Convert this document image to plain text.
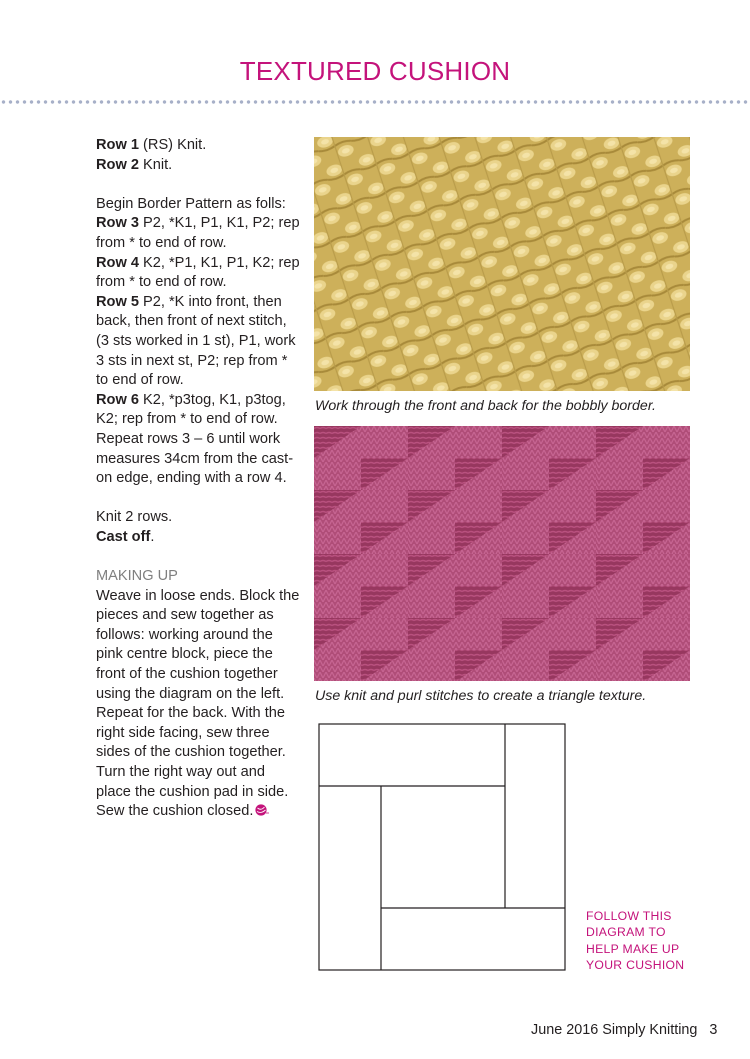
TEXTURED CUSHION

Row 1 (RS) Knit.

Row 2 Knit.

Begin Border Pattern as folls:

Row 3 P2, *K1, P1, K1, P2; rep from * to end of row.

Row 4 K2, *P1, K1, P1, K2; rep from * to end of row.

Row 5 P2, *K into front, then back, then front of next stitch, (3 sts worked in 1 st), P1, work 3 sts in next st, P2; rep from * to end of row.

Row 6 K2, *p3tog, K1, p3tog, K2; rep from * to end of row.

Repeat rows 3 – 6 until work measures 34cm from the cast-on edge, ending with a row 4.

Knit 2 rows.

Cast off.

MAKING UP

Weave in loose ends. Block the pieces and sew together as follows: working around the pink centre block, piece the front of the cushion together using the diagram on the left. Repeat for the back. With the right side facing, sew three sides of the cushion together. Turn the right way out and place the cushion pad in side. Sew the cushion closed.

Work through the front and back for the bobbly border.
Use knit and purl stitches to create a triangle texture.
FOLLOW THIS DIAGRAM TO HELP MAKE UP YOUR CUSHION
June 2016 Simply Knitting 3
